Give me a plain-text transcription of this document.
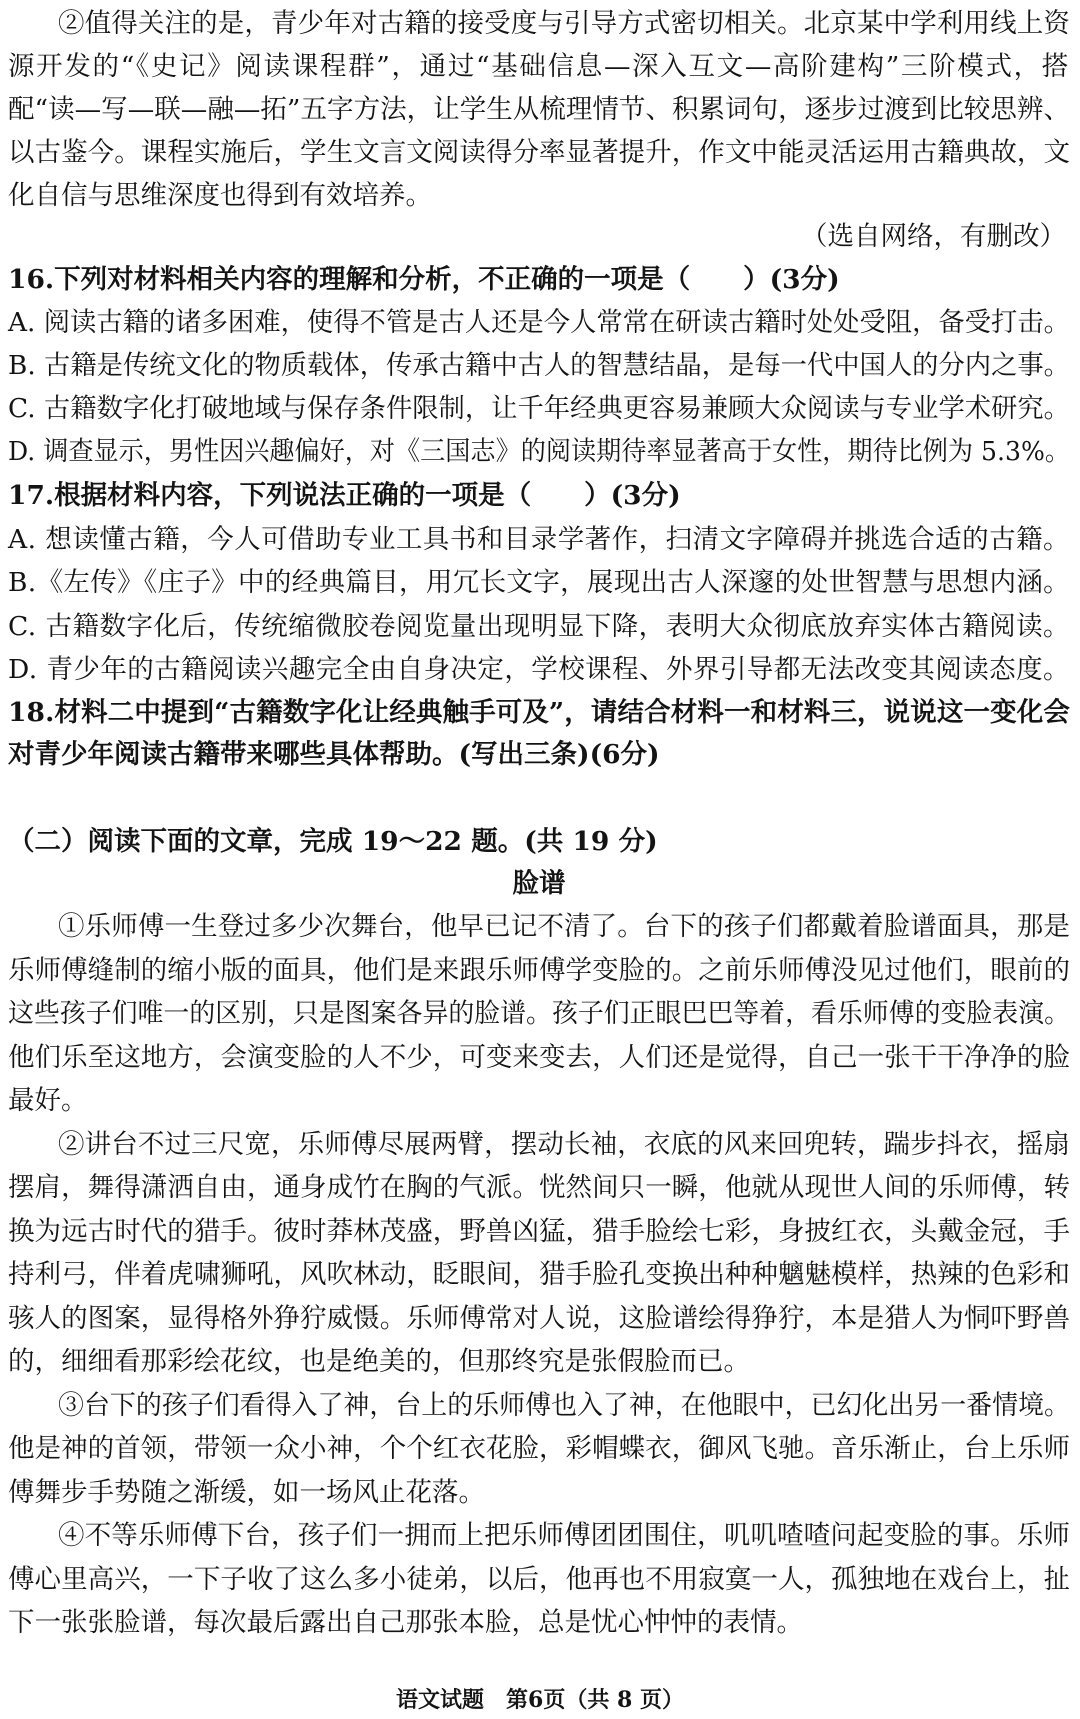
②值得关注的是，青少年对古籍的接受度与引导方式密切相关。北京某中学利用线上资
源开发的“《史记》阅读课程群”，通过“基础信息—深入互文—高阶建构”三阶模式，搭
配“读—写—联—融—拓”五字方法，让学生从梳理情节、积累词句，逐步过渡到比较思辨、
以古鉴今。课程实施后，学生文言文阅读得分率显著提升，作文中能灵活运用古籍典故，文
化自信与思维深度也得到有效培养。
（选自网络，有删改）
16.下列对材料相关内容的理解和分析，不正确的一项是（　　）(3分)
A. 阅读古籍的诸多困难，使得不管是古人还是今人常常在研读古籍时处处受阻，备受打击。
B. 古籍是传统文化的物质载体，传承古籍中古人的智慧结晶，是每一代中国人的分内之事。
C. 古籍数字化打破地域与保存条件限制，让千年经典更容易兼顾大众阅读与专业学术研究。
D. 调查显示，男性因兴趣偏好，对《三国志》的阅读期待率显著高于女性，期待比例为 5.3%。
17.根据材料内容，下列说法正确的一项是（　　）(3分)
A. 想读懂古籍，今人可借助专业工具书和目录学著作，扫清文字障碍并挑选合适的古籍。
B.《左传》《庄子》中的经典篇目，用冗长文字，展现出古人深邃的处世智慧与思想内涵。
C. 古籍数字化后，传统缩微胶卷阅览量出现明显下降，表明大众彻底放弃实体古籍阅读。
D. 青少年的古籍阅读兴趣完全由自身决定，学校课程、外界引导都无法改变其阅读态度。
18.材料二中提到“古籍数字化让经典触手可及”，请结合材料一和材料三，说说这一变化会
对青少年阅读古籍带来哪些具体帮助。(写出三条)(6分)
（二）阅读下面的文章，完成 19～22 题。(共 19 分)
脸谱
①乐师傅一生登过多少次舞台，他早已记不清了。台下的孩子们都戴着脸谱面具，那是
乐师傅缝制的缩小版的面具，他们是来跟乐师傅学变脸的。之前乐师傅没见过他们，眼前的
这些孩子们唯一的区别，只是图案各异的脸谱。孩子们正眼巴巴等着，看乐师傅的变脸表演。
他们乐至这地方，会演变脸的人不少，可变来变去，人们还是觉得，自己一张干干净净的脸
最好。
②讲台不过三尺宽，乐师傅尽展两臂，摆动长袖，衣底的风来回兜转，踹步抖衣，摇扇
摆肩，舞得潇洒自由，通身成竹在胸的气派。恍然间只一瞬，他就从现世人间的乐师傅，转
换为远古时代的猎手。彼时莽林茂盛，野兽凶猛，猎手脸绘七彩，身披红衣，头戴金冠，手
持利弓，伴着虎啸狮吼，风吹林动，眨眼间，猎手脸孔变换出种种魑魅模样，热辣的色彩和
骇人的图案，显得格外狰狞威慑。乐师傅常对人说，这脸谱绘得狰狞，本是猎人为恫吓野兽
的，细细看那彩绘花纹，也是绝美的，但那终究是张假脸而已。
③台下的孩子们看得入了神，台上的乐师傅也入了神，在他眼中，已幻化出另一番情境。
他是神的首领，带领一众小神，个个红衣花脸，彩帽蝶衣，御风飞驰。音乐渐止，台上乐师
傅舞步手势随之渐缓，如一场风止花落。
④不等乐师傅下台，孩子们一拥而上把乐师傅团团围住，叽叽喳喳问起变脸的事。乐师
傅心里高兴，一下子收了这么多小徒弟，以后，他再也不用寂寞一人，孤独地在戏台上，扯
下一张张脸谱，每次最后露出自己那张本脸，总是忧心忡忡的表情。
语文试题　第6页（共 8 页）
